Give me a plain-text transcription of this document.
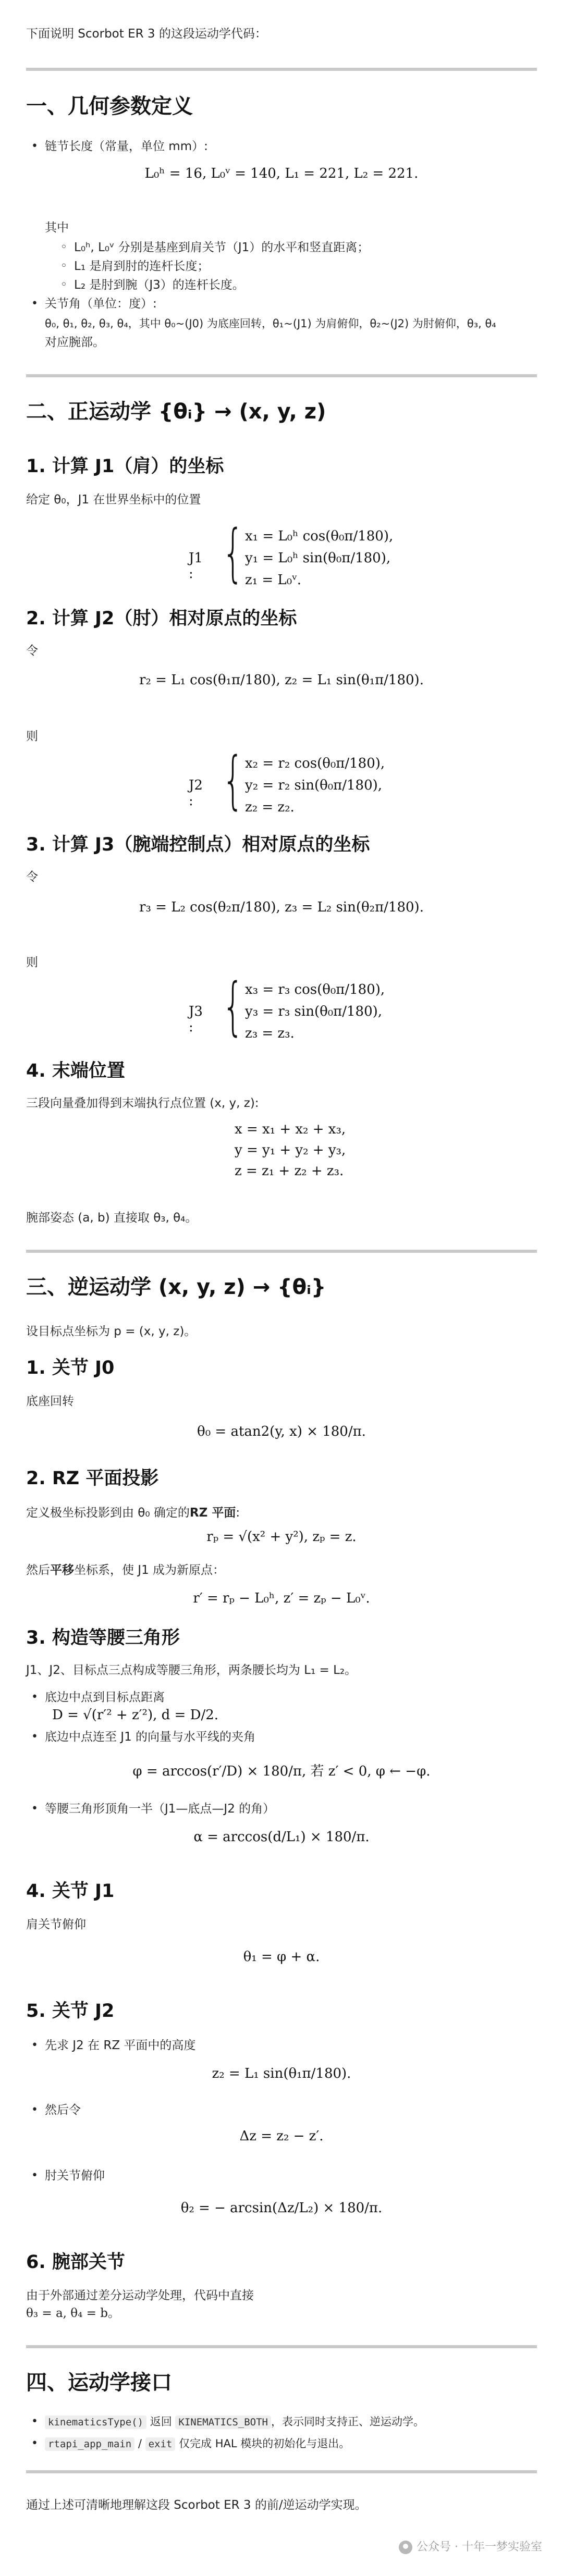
下面说明 Scorbot ER 3 的这段运动学代码：
一、几何参数定义
• 链节长度（常量，单位 mm）:
L₀ʰ = 16, L₀ᵛ = 140, L₁ = 221, L₂ = 221.
其中
◦ L₀ʰ, L₀ᵛ 分别是基座到肩关节（J1）的水平和竖直距离；
◦ L₁ 是肩到肘的连杆长度；
◦ L₂ 是肘到腕（J3）的连杆长度。
• 关节角（单位：度）:
θ₀, θ₁, θ₂, θ₃, θ₄，其中 θ₀~(J0) 为底座回转，θ₁~(J1) 为肩俯仰，θ₂~(J2) 为肘俯仰，θ₃, θ₄
对应腕部。
二、正运动学 {θᵢ} → (x, y, z)
1. 计算 J1（肩）的坐标
给定 θ₀，J1 在世界坐标中的位置
J1 : { x₁ = L₀ʰ cos(θ₀π/180),
y₁ = L₀ʰ sin(θ₀π/180),
z₁ = L₀ᵛ.
2. 计算 J2（肘）相对原点的坐标
令
r₂ = L₁ cos(θ₁π/180), z₂ = L₁ sin(θ₁π/180).
则
J2 : { x₂ = r₂ cos(θ₀π/180),
y₂ = r₂ sin(θ₀π/180),
z₂ = z₂.
3. 计算 J3（腕端控制点）相对原点的坐标
令
r₃ = L₂ cos(θ₂π/180), z₃ = L₂ sin(θ₂π/180).
则
J3 : { x₃ = r₃ cos(θ₀π/180),
y₃ = r₃ sin(θ₀π/180),
z₃ = z₃.
4. 末端位置
三段向量叠加得到末端执行点位置 (x, y, z):
x = x₁ + x₂ + x₃,
y = y₁ + y₂ + y₃,
z = z₁ + z₂ + z₃.
腕部姿态 (a, b) 直接取 θ₃, θ₄。
三、逆运动学 (x, y, z) → {θᵢ}
设目标点坐标为 p = (x, y, z)。
1. 关节 J0
底座回转
θ₀ = atan2(y, x) × 180/π.
2. RZ 平面投影
定义极坐标投影到由 θ₀ 确定的RZ 平面:
rₚ = √(x² + y²), zₚ = z.
然后平移坐标系，使 J1 成为新原点：
r′ = rₚ − L₀ʰ, z′ = zₚ − L₀ᵛ.
3. 构造等腰三角形
J1、J2、目标点三点构成等腰三角形，两条腰长均为 L₁ = L₂。
• 底边中点到目标点距离
D = √(r′² + z′²), d = D/2.
• 底边中点连至 J1 的向量与水平线的夹角
φ = arccos(r′/D) × 180/π, 若 z′ < 0, φ ← −φ.
• 等腰三角形顶角一半（J1—底点—J2 的角）
α = arccos(d/L₁) × 180/π.
4. 关节 J1
肩关节俯仰
θ₁ = φ + α.
5. 关节 J2
• 先求 J2 在 RZ 平面中的高度
z₂ = L₁ sin(θ₁π/180).
• 然后令
Δz = z₂ − z′.
• 肘关节俯仰
θ₂ = − arcsin(Δz/L₂) × 180/π.
6. 腕部关节
由于外部通过差分运动学处理，代码中直接
θ₃ = a, θ₄ = b。
四、运动学接口
• kinematicsType() 返回 KINEMATICS_BOTH ，表示同时支持正、逆运动学。
• rtapi_app_main / exit 仅完成 HAL 模块的初始化与退出。
通过上述可清晰地理解这段 Scorbot ER 3 的前/逆运动学实现。
公众号 · 十年一梦实验室
